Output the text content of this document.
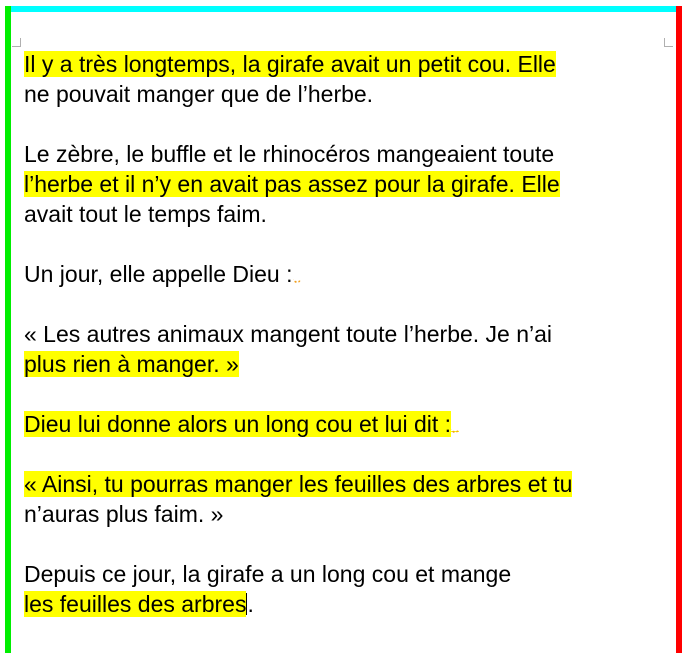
Il y a très longtemps, la girafe avait un petit cou. Elle
ne pouvait manger que de l’herbe.

Le zèbre, le buffle et le rhinocéros mangeaient toute
l’herbe et il n’y en avait pas assez pour la girafe. Elle
avait tout le temps faim.

Un jour, elle appelle Dieu :

« Les autres animaux mangent toute l’herbe. Je n’ai
plus rien à manger. »

Dieu lui donne alors un long cou et lui dit :

« Ainsi, tu pourras manger les feuilles des arbres et tu
n’auras plus faim. »

Depuis ce jour, la girafe a un long cou et mange
les feuilles des arbres.
